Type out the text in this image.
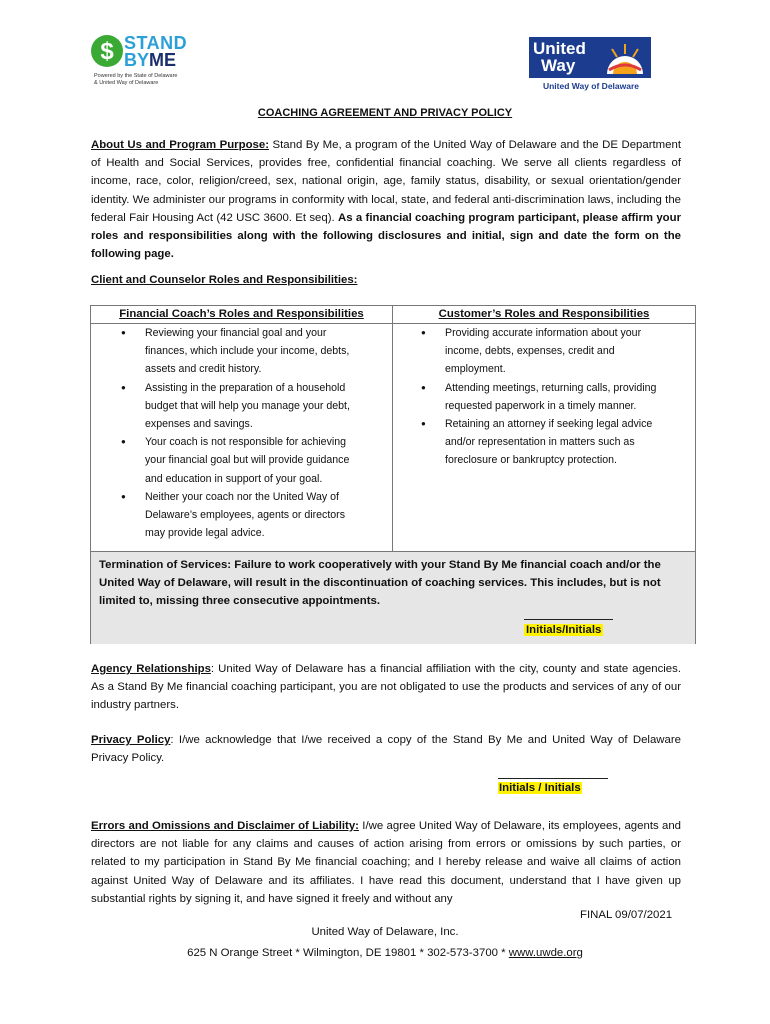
$ STAND
BYME
Powered by the State of Delaware
& United Way of Delaware
United
Way
United Way of Delaware
COACHING AGREEMENT AND PRIVACY POLICY
About Us and Program Purpose: Stand By Me, a program of the United Way of Delaware and the DE Department of Health and Social Services, provides free, confidential financial coaching. We serve all clients regardless of income, race, color, religion/creed, sex, national origin, age, family status, disability, or sexual orientation/gender identity. We administer our programs in conformity with local, state, and federal anti-discrimination laws, including the federal Fair Housing Act (42 USC 3600. Et seq). As a financial coaching program participant, please affirm your roles and responsibilities along with the following disclosures and initial, sign and date the form on the following page.
Client and Counselor Roles and Responsibilities:
Financial Coach’s Roles and Responsibilities	Customer’s Roles and Responsibilities
● Reviewing your financial goal and your finances, which include your income, debts, assets and credit history.
● Assisting in the preparation of a household budget that will help you manage your debt, expenses and savings.
● Your coach is not responsible for achieving your financial goal but will provide guidance and education in support of your goal.
● Neither your coach nor the United Way of Delaware’s employees, agents or directors may provide legal advice.
● Providing accurate information about your income, debts, expenses, credit and employment.
● Attending meetings, returning calls, providing requested paperwork in a timely manner.
● Retaining an attorney if seeking legal advice and/or representation in matters such as foreclosure or bankruptcy protection.
Termination of Services: Failure to work cooperatively with your Stand By Me financial coach and/or the United Way of Delaware, will result in the discontinuation of coaching services. This includes, but is not limited to, missing three consecutive appointments.
Initials/Initials
Agency Relationships: United Way of Delaware has a financial affiliation with the city, county and state agencies. As a Stand By Me financial coaching participant, you are not obligated to use the products and services of any of our industry partners.
Privacy Policy: I/we acknowledge that I/we received a copy of the Stand By Me and United Way of Delaware Privacy Policy.
Initials / Initials
Errors and Omissions and Disclaimer of Liability: I/we agree United Way of Delaware, its employees, agents and directors are not liable for any claims and causes of action arising from errors or omissions by such parties, or related to my participation in Stand By Me financial coaching; and I hereby release and waive all claims of action against United Way of Delaware and its affiliates. I have read this document, understand that I have given up substantial rights by signing it, and have signed it freely and without any
FINAL 09/07/2021
United Way of Delaware, Inc.
625 N Orange Street * Wilmington, DE 19801 * 302-573-3700 * www.uwde.org
